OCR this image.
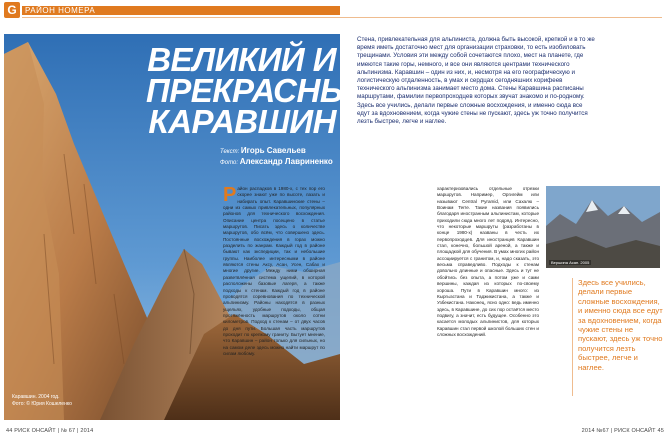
G	РАЙОН НОМЕРА
ВЕЛИКИЙ И ПРЕКРАСНЫЙ КАРАВШИН
Текст: Игорь Савельев
Фото: Александр Лавриненко
Каравшин. 2004 год.
Фото: © Юрия Кошеленко
Стена, привлекательная для альпиниста, должна быть высокой, крепкой и в то же время иметь достаточно мест для организации страховки, то есть изобиловать трещинами. Условия эти между собой сочетаются плохо, мест на планете, где имеются такие горы, немного, и все они являются центрами технического альпинизма. Каравшин – один из них, и, несмотря на его географическую и логистическую отдаленность, в умах и сердцах сегодняшних корифеев технического альпинизма занимает место дома. Стены Каравшина расписаны маршрутами, фамилии первопроходцев которых звучат знакомо и по-родному. Здесь все учились, делали первые сложные восхождения, и именно сюда все едут за вдохновением, когда чужие стены не пускают, здесь уж точно получится лезть быстрее, легче и наглее.
Район распадков в 1980-х, с тех пор его скорее знают уже по высоте, лазать и набирать опыт. Каравшинские стены – одни из самых привлекательных, популярных районов для технического восхождения. Описание центра посещено в статье маршрутов. Писать здесь о количестве маршрутов, обо всём, что совершено здесь. Постоянные восхождения в горах можно разделить по жанрам. Каждый год в районе бывают как экспедиции, так и небольшие группы. Наиболее интересными в районе являются стены Аксу, Асан, Усен, Сабах и многие другие. Между ними обширная разветвлённая система ущелий, в которой расположены базовые лагеря, а также подходы к стенам. Каждый год в районе проводятся соревнования по технической альпинизму. Районы находятся в разных ущельях, удобные подходы, общая протяжённость маршрутов около сотни километров. Подход к стенам – от двух часов до дня пути. Большая часть маршрутов проходит по крепкому граниту. Бытует мнение, что Каравшин – район только для сильных, но на самом деле здесь можно найти маршрут по силам любому.
характеризовались отдельные отрезки маршрутов. Например, Оргигейм или называют Central Pyramid, или Сахалю – Воинам Terre. Такие названия появились благодаря иностранным альпинистам, которые приходили сюда много лет подряд. Интересно, что некоторые маршруты (разработаны в конце 1980-х) названы в честь их первопроходцев. Для иностранцев Каравшин стал, конечно, большой ареной, а также и площадкой для обучения. В умах многих район ассоциируется с гранитом, и, надо сказать, это весьма справедливо. Подходы к стенам довольно длинные и опасные. Здесь и тут не обойтись без опыта, а потом уже и сами вершины, каждая из которых по-своему хороша. Пути в Каравшин много: из Кыргызстана и Таджикистана, а также и Узбекистана. Наконец, ясно одно: ведь именно здесь, в Каравшине, до сих пор остаётся место подвигу, а значит, есть будущее. Особенно это касается молодых альпинистов, для которых Каравшин стал первой школой больших стен и сложных восхождений.
Вершина Асан. 2005
Здесь все учились, делали первые сложные восхождения, и именно сюда все едут за вдохновением, когда чужие стены не пускают, здесь уж точно получится лезть быстрее, легче и наглее.
44 РИСК ОНСАЙТ | № 67 | 2014	2014 №67 | РИСК ОНСАЙТ 45
